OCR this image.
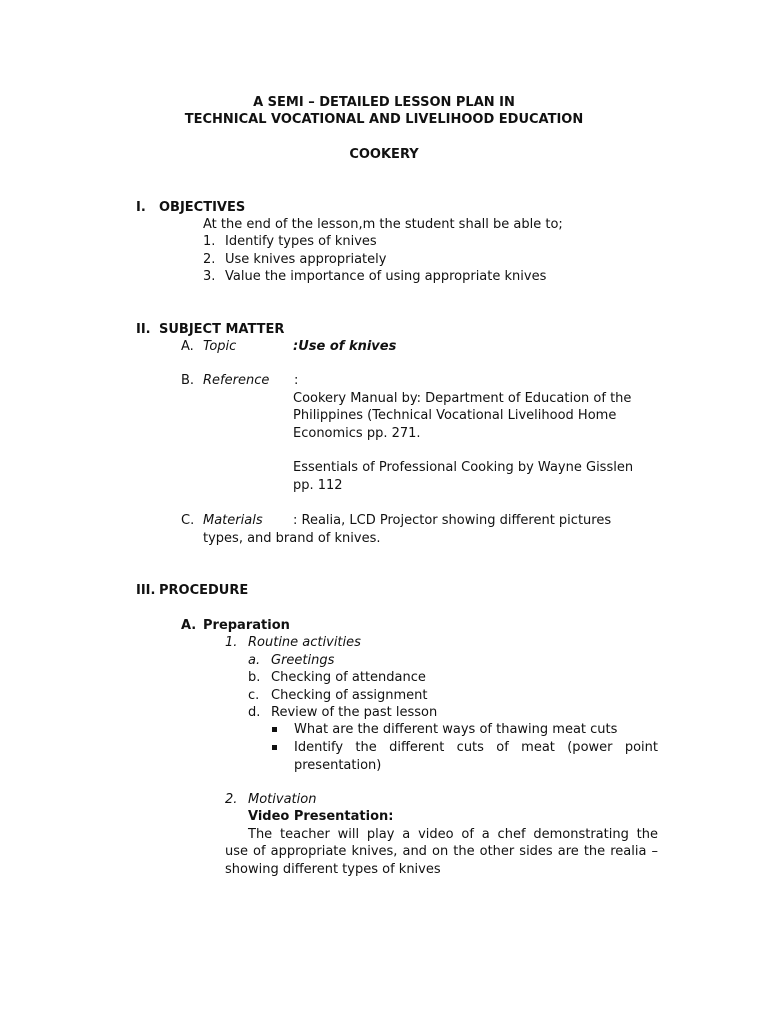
A SEMI – DETAILED LESSON PLAN IN
TECHNICAL VOCATIONAL AND LIVELIHOOD EDUCATION
COOKERY
I. OBJECTIVES
At the end of the lesson,m the student shall be able to;
1. Identify types of knives
2. Use knives appropriately
3. Value the importance of using appropriate knives
II. SUBJECT MATTER
A. Topic	:Use of knives
B. Reference :
Cookery Manual by: Department of Education of the
Philippines (Technical Vocational Livelihood Home
Economics pp. 271.
Essentials of Professional Cooking by Wayne Gisslen
pp. 112
C. Materials : Realia, LCD Projector showing different pictures
types, and brand of knives.
III. PROCEDURE
A. Preparation
1. Routine activities
a. Greetings
b. Checking of attendance
c. Checking of assignment
d. Review of the past lesson
What are the different ways of thawing meat cuts
Identify the different cuts of meat (power point
presentation)
2. Motivation
Video Presentation:
The teacher will play a video of a chef demonstrating the
use of appropriate knives, and on the other sides are the realia –
showing different types of knives
